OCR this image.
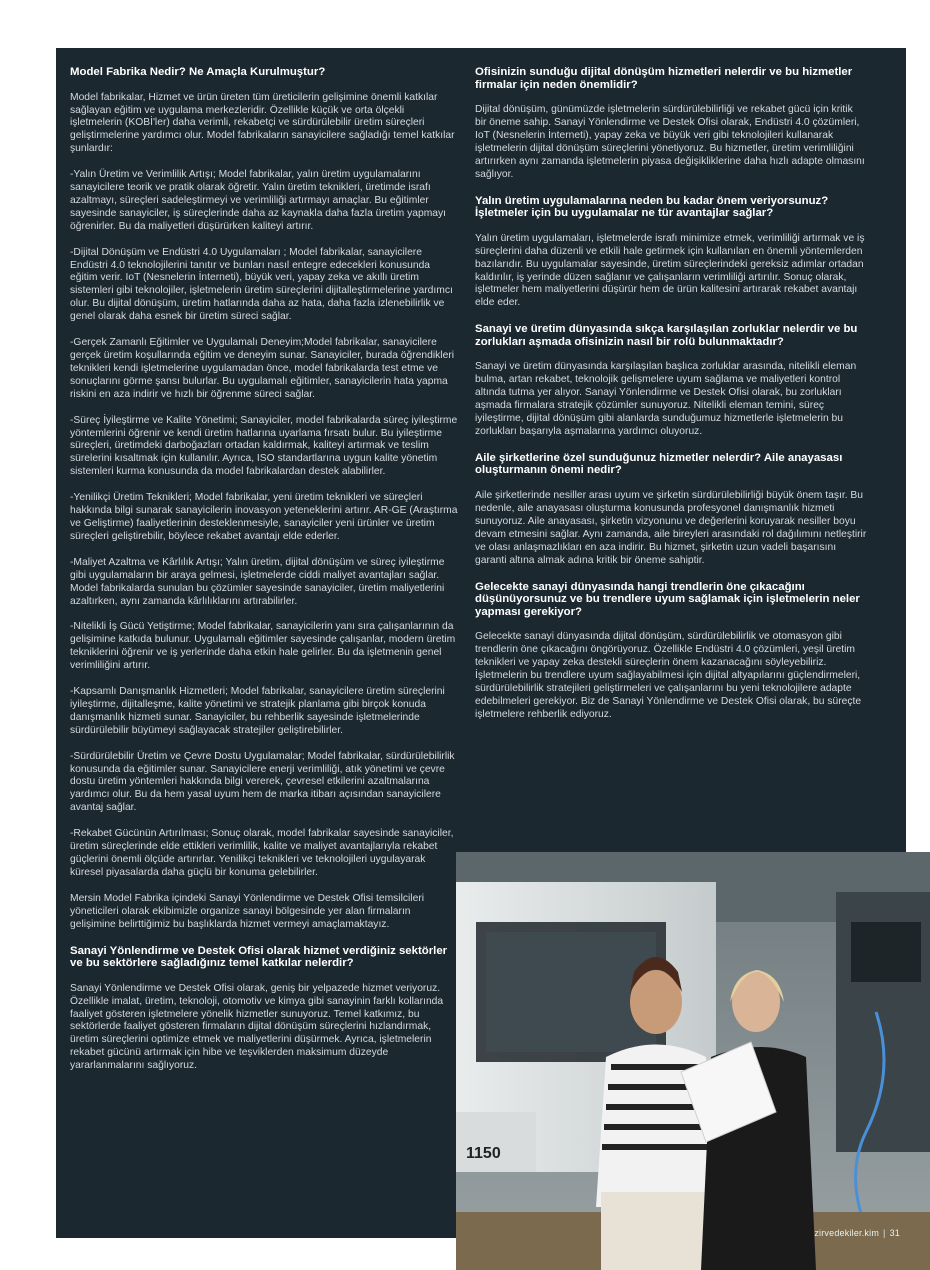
Model Fabrika Nedir? Ne Amaçla Kurulmuştur?

Model fabrikalar, Hizmet ve ürün üreten tüm üreticilerin gelişimine önemli katkılar sağlayan eğitim ve uygulama merkezleridir. Özellikle küçük ve orta ölçekli işletmelerin (KOBİ'ler) daha verimli, rekabetçi ve sürdürülebilir üretim süreçleri geliştirmelerine yardımcı olur. Model fabrikaların sanayicilere sağladığı temel katkılar şunlardır:

-Yalın Üretim ve Verimlilik Artışı; Model fabrikalar, yalın üretim uygulamalarını sanayicilere teorik ve pratik olarak öğretir. Yalın üretim teknikleri, üretimde israfı azaltmayı, süreçleri sadeleştirmeyi ve verimliliği artırmayı amaçlar. Bu eğitimler sayesinde sanayiciler, iş süreçlerinde daha az kaynakla daha fazla üretim yapmayı öğrenirler. Bu da maliyetleri düşürürken kaliteyi artırır.

-Dijital Dönüşüm ve Endüstri 4.0 Uygulamaları ; Model fabrikalar, sanayicilere Endüstri 4.0 teknolojilerini tanıtır ve bunları nasıl entegre edecekleri konusunda eğitim verir. IoT (Nesnelerin İnterneti), büyük veri, yapay zeka ve akıllı üretim sistemleri gibi teknolojiler, işletmelerin üretim süreçlerini dijitalleştirmelerine yardımcı olur. Bu dijital dönüşüm, üretim hatlarında daha az hata, daha fazla izlenebilirlik ve genel olarak daha esnek bir üretim süreci sağlar.

-Gerçek Zamanlı Eğitimler ve Uygulamalı Deneyim;Model fabrikalar, sanayicilere gerçek üretim koşullarında eğitim ve deneyim sunar. Sanayiciler, burada öğrendikleri teknikleri kendi işletmelerine uygulamadan önce, model fabrikalarda test etme ve sonuçlarını görme şansı bulurlar. Bu uygulamalı eğitimler, sanayicilerin hata yapma riskini en aza indirir ve hızlı bir öğrenme süreci sağlar.

-Süreç İyileştirme ve Kalite Yönetimi; Sanayiciler, model fabrikalarda süreç iyileştirme yöntemlerini öğrenir ve kendi üretim hatlarına uyarlama fırsatı bulur. Bu iyileştirme süreçleri, üretimdeki darboğazları ortadan kaldırmak, kaliteyi artırmak ve teslim sürelerini kısaltmak için kullanılır. Ayrıca, ISO standartlarına uygun kalite yönetim sistemleri kurma konusunda da model fabrikalardan destek alabilirler.

-Yenilikçi Üretim Teknikleri; Model fabrikalar, yeni üretim teknikleri ve süreçleri hakkında bilgi sunarak sanayicilerin inovasyon yeteneklerini artırır. AR-GE (Araştırma ve Geliştirme) faaliyetlerinin desteklenmesiyle, sanayiciler yeni ürünler ve üretim süreçleri geliştirebilir, böylece rekabet avantajı elde ederler.

-Maliyet Azaltma ve Kârlılık Artışı; Yalın üretim, dijital dönüşüm ve süreç iyileştirme gibi uygulamaların bir araya gelmesi, işletmelerde ciddi maliyet avantajları sağlar. Model fabrikalarda sunulan bu çözümler sayesinde sanayiciler, üretim maliyetlerini azaltırken, aynı zamanda kârlılıklarını artırabilirler.

-Nitelikli İş Gücü Yetiştirme; Model fabrikalar, sanayicilerin yanı sıra çalışanlarının da gelişimine katkıda bulunur. Uygulamalı eğitimler sayesinde çalışanlar, modern üretim tekniklerini öğrenir ve iş yerlerinde daha etkin hale gelirler. Bu da işletmenin genel verimliliğini artırır.

-Kapsamlı Danışmanlık Hizmetleri; Model fabrikalar, sanayicilere üretim süreçlerini iyileştirme, dijitalleşme, kalite yönetimi ve stratejik planlama gibi birçok konuda danışmanlık hizmeti sunar. Sanayiciler, bu rehberlik sayesinde işletmelerinde sürdürülebilir büyümeyi sağlayacak stratejiler geliştirebilirler.

-Sürdürülebilir Üretim ve Çevre Dostu Uygulamalar; Model fabrikalar, sürdürülebilirlik konusunda da eğitimler sunar. Sanayicilere enerji verimliliği, atık yönetimi ve çevre dostu üretim yöntemleri hakkında bilgi vererek, çevresel etkilerini azaltmalarına yardımcı olur. Bu da hem yasal uyum hem de marka itibarı açısından sanayicilere avantaj sağlar.

-Rekabet Gücünün Artırılması; Sonuç olarak, model fabrikalar sayesinde sanayiciler, üretim süreçlerinde elde ettikleri verimlilik, kalite ve maliyet avantajlarıyla rekabet güçlerini önemli ölçüde artırırlar. Yenilikçi teknikleri ve teknolojileri uygulayarak küresel piyasalarda daha güçlü bir konuma gelebilirler.

Mersin Model Fabrika içindeki Sanayi Yönlendirme ve Destek Ofisi temsilcileri yöneticileri olarak ekibimizle organize sanayi bölgesinde yer alan firmaların gelişimine belirttiğimiz bu başlıklarda hizmet vermeyi amaçlamaktayız.

Sanayi Yönlendirme ve Destek Ofisi olarak hizmet verdiğiniz sektörler ve bu sektörlere sağladığınız temel katkılar nelerdir?

Sanayi Yönlendirme ve Destek Ofisi olarak, geniş bir yelpazede hizmet veriyoruz. Özellikle imalat, üretim, teknoloji, otomotiv ve kimya gibi sanayinin farklı kollarında faaliyet gösteren işletmelere yönelik hizmetler sunuyoruz. Temel katkımız, bu sektörlerde faaliyet gösteren firmaların dijital dönüşüm süreçlerini hızlandırmak, üretim süreçlerini optimize etmek ve maliyetlerini düşürmek. Ayrıca, işletmelerin rekabet gücünü artırmak için hibe ve teşviklerden maksimum düzeyde yararlanmalarını sağlıyoruz.

Ofisinizin sunduğu dijital dönüşüm hizmetleri nelerdir ve bu hizmetler firmalar için neden önemlidir?

Dijital dönüşüm, günümüzde işletmelerin sürdürülebilirliği ve rekabet gücü için kritik bir öneme sahip. Sanayi Yönlendirme ve Destek Ofisi olarak, Endüstri 4.0 çözümleri, IoT (Nesnelerin İnterneti), yapay zeka ve büyük veri gibi teknolojileri kullanarak işletmelerin dijital dönüşüm süreçlerini yönetiyoruz. Bu hizmetler, üretim verimliliğini artırırken aynı zamanda işletmelerin piyasa değişikliklerine daha hızlı adapte olmasını sağlıyor.

Yalın üretim uygulamalarına neden bu kadar önem veriyorsunuz? İşletmeler için bu uygulamalar ne tür avantajlar sağlar?

Yalın üretim uygulamaları, işletmelerde israfı minimize etmek, verimliliği artırmak ve iş süreçlerini daha düzenli ve etkili hale getirmek için kullanılan en önemli yöntemlerden bazılarıdır. Bu uygulamalar sayesinde, üretim süreçlerindeki gereksiz adımlar ortadan kaldırılır, iş yerinde düzen sağlanır ve çalışanların verimliliği artırılır. Sonuç olarak, işletmeler hem maliyetlerini düşürür hem de ürün kalitesini artırarak rekabet avantajı elde eder.

Sanayi ve üretim dünyasında sıkça karşılaşılan zorluklar nelerdir ve bu zorlukları aşmada ofisinizin nasıl bir rolü bulunmaktadır?

Sanayi ve üretim dünyasında karşılaşılan başlıca zorluklar arasında, nitelikli eleman bulma, artan rekabet, teknolojik gelişmelere uyum sağlama ve maliyetleri kontrol altında tutma yer alıyor. Sanayi Yönlendirme ve Destek Ofisi olarak, bu zorlukları aşmada firmalara stratejik çözümler sunuyoruz. Nitelikli eleman temini, süreç iyileştirme, dijital dönüşüm gibi alanlarda sunduğumuz hizmetlerle işletmelerin bu zorlukları başarıyla aşmalarına yardımcı oluyoruz.

Aile şirketlerine özel sunduğunuz hizmetler nelerdir? Aile anayasası oluşturmanın önemi nedir?

Aile şirketlerinde nesiller arası uyum ve şirketin sürdürülebilirliği büyük önem taşır. Bu nedenle, aile anayasası oluşturma konusunda profesyonel danışmanlık hizmeti sunuyoruz. Aile anayasası, şirketin vizyonunu ve değerlerini koruyarak nesiller boyu devam etmesini sağlar. Aynı zamanda, aile bireyleri arasındaki rol dağılımını netleştirir ve olası anlaşmazlıkları en aza indirir. Bu hizmet, şirketin uzun vadeli başarısını garanti altına almak adına kritik bir öneme sahiptir.

Gelecekte sanayi dünyasında hangi trendlerin öne çıkacağını düşünüyorsunuz ve bu trendlere uyum sağlamak için işletmelerin neler yapması gerekiyor?

Gelecekte sanayi dünyasında dijital dönüşüm, sürdürülebilirlik ve otomasyon gibi trendlerin öne çıkacağını öngörüyoruz. Özellikle Endüstri 4.0 çözümleri, yeşil üretim teknikleri ve yapay zeka destekli süreçlerin önem kazanacağını söyleyebiliriz. İşletmelerin bu trendlere uyum sağlayabilmesi için dijital altyapılarını güçlendirmeleri, sürdürülebilirlik stratejileri geliştirmeleri ve çalışanlarını bu yeni teknolojilere adapte edebilmeleri gerekiyor. Biz de Sanayi Yönlendirme ve Destek Ofisi olarak, bu süreçte işletmelere rehberlik ediyoruz.

1150
zirvedekiler.kim | 31
